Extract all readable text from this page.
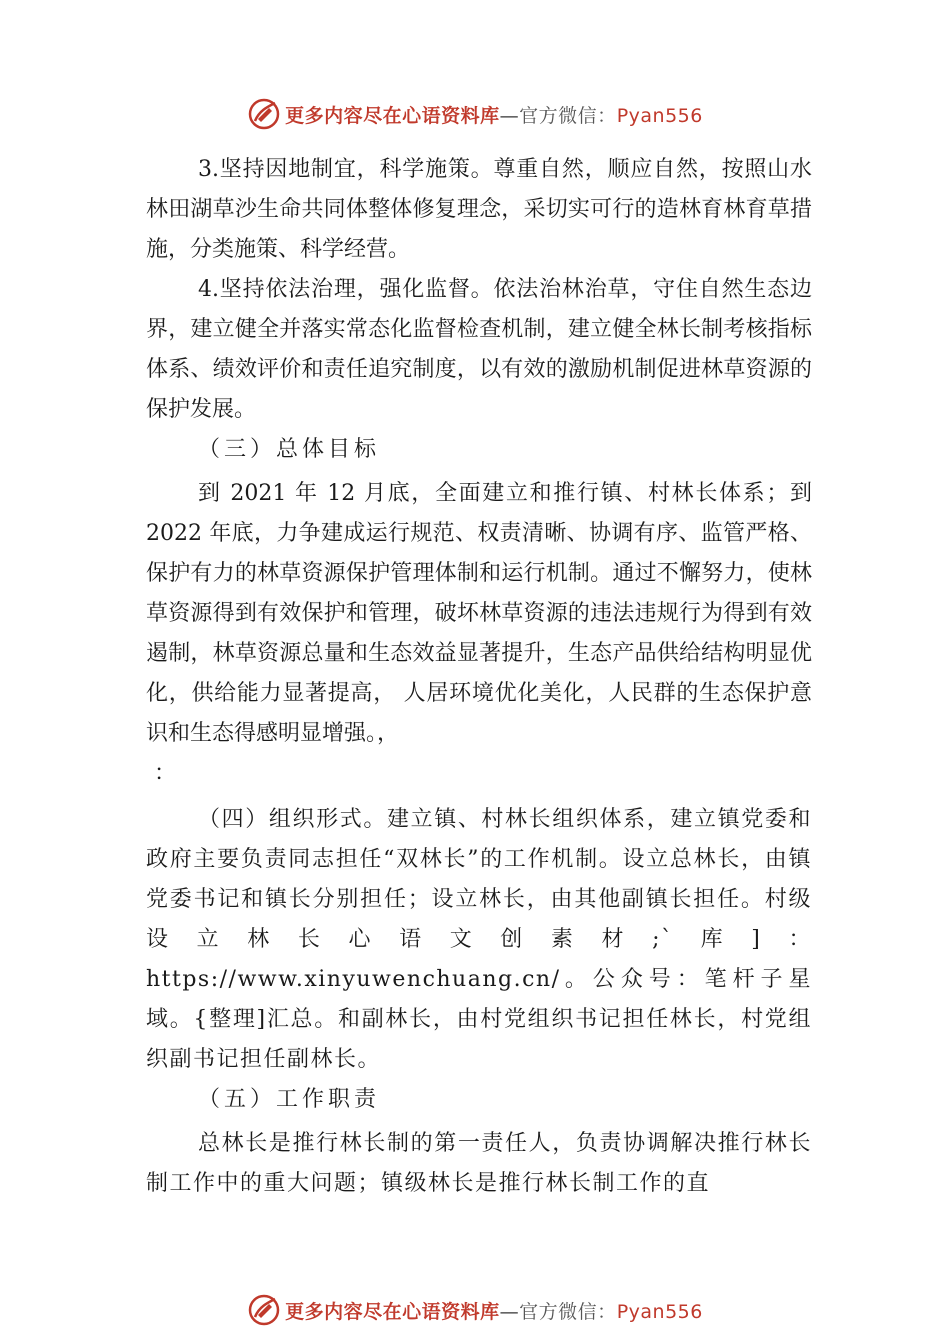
更多内容尽在心语资料库—官方微信：Pyan556

3.坚持因地制宜，科学施策。尊重自然，顺应自然，按照山水林田湖草沙生命共同体整体修复理念，采切实可行的造林育林育草措施，分类施策、科学经营。

4.坚持依法治理，强化监督。依法治林治草，守住自然生态边界，建立健全并落实常态化监督检查机制，建立健全林长制考核指标体系、绩效评价和责任追究制度，以有效的激励机制促进林草资源的保护发展。

（三）总体目标

到 2021 年 12 月底，全面建立和推行镇、村林长体系；到 2022 年底，力争建成运行规范、权责清晰、协调有序、监管严格、保护有力的林草资源保护管理体制和运行机制。通过不懈努力，使林草资源得到有效保护和管理，破坏林草资源的违法违规行为得到有效遏制，林草资源总量和生态效益显著提升，生态产品供给结构明显优化，供给能力显著提高， 人居环境优化美化，人民群的生态保护意识和生态得感明显增强。，

：

（四）组织形式。建立镇、村林长组织体系，建立镇党委和政府主要负责同志担任“双林长”的工作机制。设立总林长，由镇党委书记和镇长分别担任；设立林长，由其他副镇长担任。村级设立林长心语文创素材;`库]：https://www.xinyuwenchuang.cn/。公众号：笔杆子星域。{整理]汇总。和副林长，由村党组织书记担任林长，村党组织副书记担任副林长。

（五）工作职责

总林长是推行林长制的第一责任人，负责协调解决推行林长制工作中的重大问题；镇级林长是推行林长制工作的直

更多内容尽在心语资料库—官方微信：Pyan556
